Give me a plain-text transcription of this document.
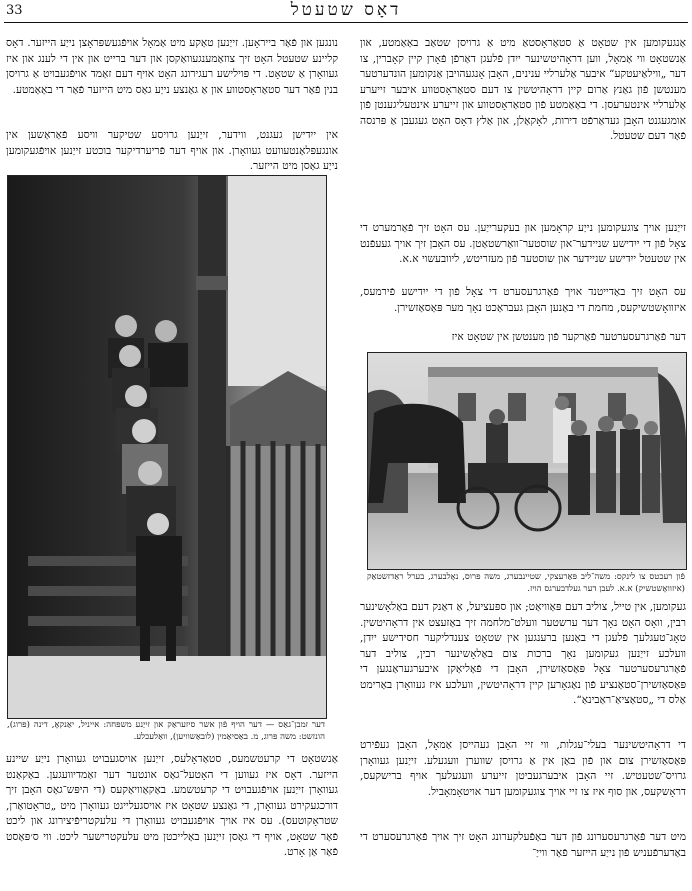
33	דאָס שטעטל

אַנגעקומען אין שטאָט אַ סטאַראָסטאַ מיט אַ גרויסן שטאַב באַאַמטע, און אַנשטאָט ווי אַמאָל, ווען דראָהיטשינער ייִדן פֿלעגן דאַרפֿן פֿאָרן קיין קאָברין, צו דער „ווילאַיעטקע“ איבער אַלערליי ענינים, האָבן אָנגעהויבן אַנקומען הונדערטער מענטשן פֿון גאַנץ אַרום קיין דראָהיטשין צו דעם סטאַראָסטווע איבער זייערע אַלערליי אינטערעסן. די באַאַמטע פֿון סטאַראָסטווע און זייערע אינטעליגענטן פֿון אומגעגנט האָבן געדאַרפֿט דירות, לאָקאַלן, און אַלץ דאָס האָט געגעבן אַ פּרנסה פֿאַר דעם שטעטל.

זייַנען אויך צוגעקומען נייַע קראָמען און בעקערייַען. עס האָט זיך פֿאַרמערט די צאָל פֿון די ייִדישע שניידער־און שוסטער־וואַרשטאַטן. עס האָבן זיך אויך געעפֿנט אין שטעטל ייִדישע שניידער און שוסטער פֿון מעזריטש, ליוובעשוי א.א.

עס האָט זיך באַדייטנד אויך פֿאַרגרעסערט די צאָל פֿון די ייִדישע פֿירמעס, איזוואָשטשיקעס, מחמת די באַנען האָבן געבראַכט נאָך מער פּאַסאַזשירן.

דער פֿאַרגרעסערטער פֿאַרקער פֿון מענטשן אין שטאָט איז

פֿון רעכטס צו לינקס: משה־ליב פּאַרעצקי, שטיינבערג, משה פּרוס, נאָלבערג, בערל ראַדזשטאַק (איזוואָשטשיק) א.א. לעבן דער געלדבערגס הויז.

געקומען, אין טייל, צוליב דעם פּאַוויאַט; און ספּעציעל, אַ דאַנק דעם באַלאָשינער רבין, וואָס האָט נאָך דער ערשטער וועלט־מלחמה זיך באַזעצט אין דראָהיטשין. טאָג־טעגלעך פֿלעגן די באַנען ברענגען אין שטאָט צענדליקער חסידישע ייִדן, וועלכע זייַנען געקומען נאָך ברכות צום באַלאָשינער רבין, צוליב דער פֿאַרגרעסערטער צאָל פּאַסאַזשירן, האָבן די פֿאַליאַקן איבערגעראַנגען די פּאַסאַזשירן־סטאַנציע פֿון נאַגאָרען קיין דראָהיטשין, וועלכע איז געוואָרן באַרימט אַלס די „סטאַציאַ־ראַבינאַ“.

די דראָהיטשינער בעלי־עגלות, ווי זיי האָבן געהייסן אַמאָל, האָבן געפֿירט פּאַסאַזשירן צום און פֿון באַן אין אַ גרויסן שווערן וועגעלע. זייַנען געוואָרן גרויס־שטעטיש. זיי האָבן איבערגעביטן זייערע וועגעלעך אויף ברישקעס, דראָשקעס, און סוף איז צו זיי אויך צוגעקומען דער אויטאָמאָביל.

מיט דער פֿאַרגרעסערונג פֿון דער באַפֿעלקערונג האָט זיך אויך פֿאַרגרעסערט די באַדערפֿעניש פֿון נייַע הייזער פֿאַר ווייַ־

נונגען און פֿאַר בייראָען. זייַנען טאַקע מיט אַמאָל אויפֿגעשפּראָצן נייַע הייזער. דאָס קליינע שטעטל האָט זיך צוזאַמענגעוואַקסן און דער ברייט און אין די לענג און איז געוואָרן אַ שטאָט. די פּוילישע רעגירונג האָט אויף דעם זאַמד אויפֿגעבויט אַ גרויסן בנין פֿאַר דער סטאַראָסטווע און אַ גאַנצע נייַע גאַס מיט הייזער פֿאַר די באַאַמטע.

אין ייִדישן געגנט, ווידער, זייַנען גרויסע שטיקער וויסע פֿאַראַשען אין אונגעפּלאַנטעוועט געוואָרן. און אויף דער פֿריערדיקער בוכטע זייַנען אויפֿגעקומען נייַע גאַסן מיט הייזער.

דער זמבן־גאַס — דער הויף פֿון אשר סיזעראַק און זייַנע משפּחה: אייניל, יאַנקאָ, דינה (פּרוג), הונזשט: משה פּרוג, מ. באַסיאַמין (לובאַשוויען), וואַלעכלע.

אַנשטאָט די קרעטשמעס, סטאַדאָלעס, זייַנען אויסגעבויט געוואָרן נייַע שיינע הייזער. דאָס איז געווען די האָטעל־גאַס אונטער דער זאַמדיוועגען. באַקאַנט געוואָרן זייַנען אויפֿגעבויט די קרעטשמע. באַקאַוויאַקעס (די היפּש־גאַס האָבן זיך דורכגעקירט געוואָרן, די גאַנצע שטאָט איז אויסגעלייגט געוואָרן מיט „טראָטואַרן, שטראָקוטעס). עס איז אויך אויפֿגעבויט געוואָרן די עלעקטריפֿיצירונג און ליכט פֿאַר שטאָט, אויף די גאַסן זייַנען באַלייכטן מיט עלעקטרישער ליכט. ווי ס׳פּאַסט פֿאַר אַן אָרט.
